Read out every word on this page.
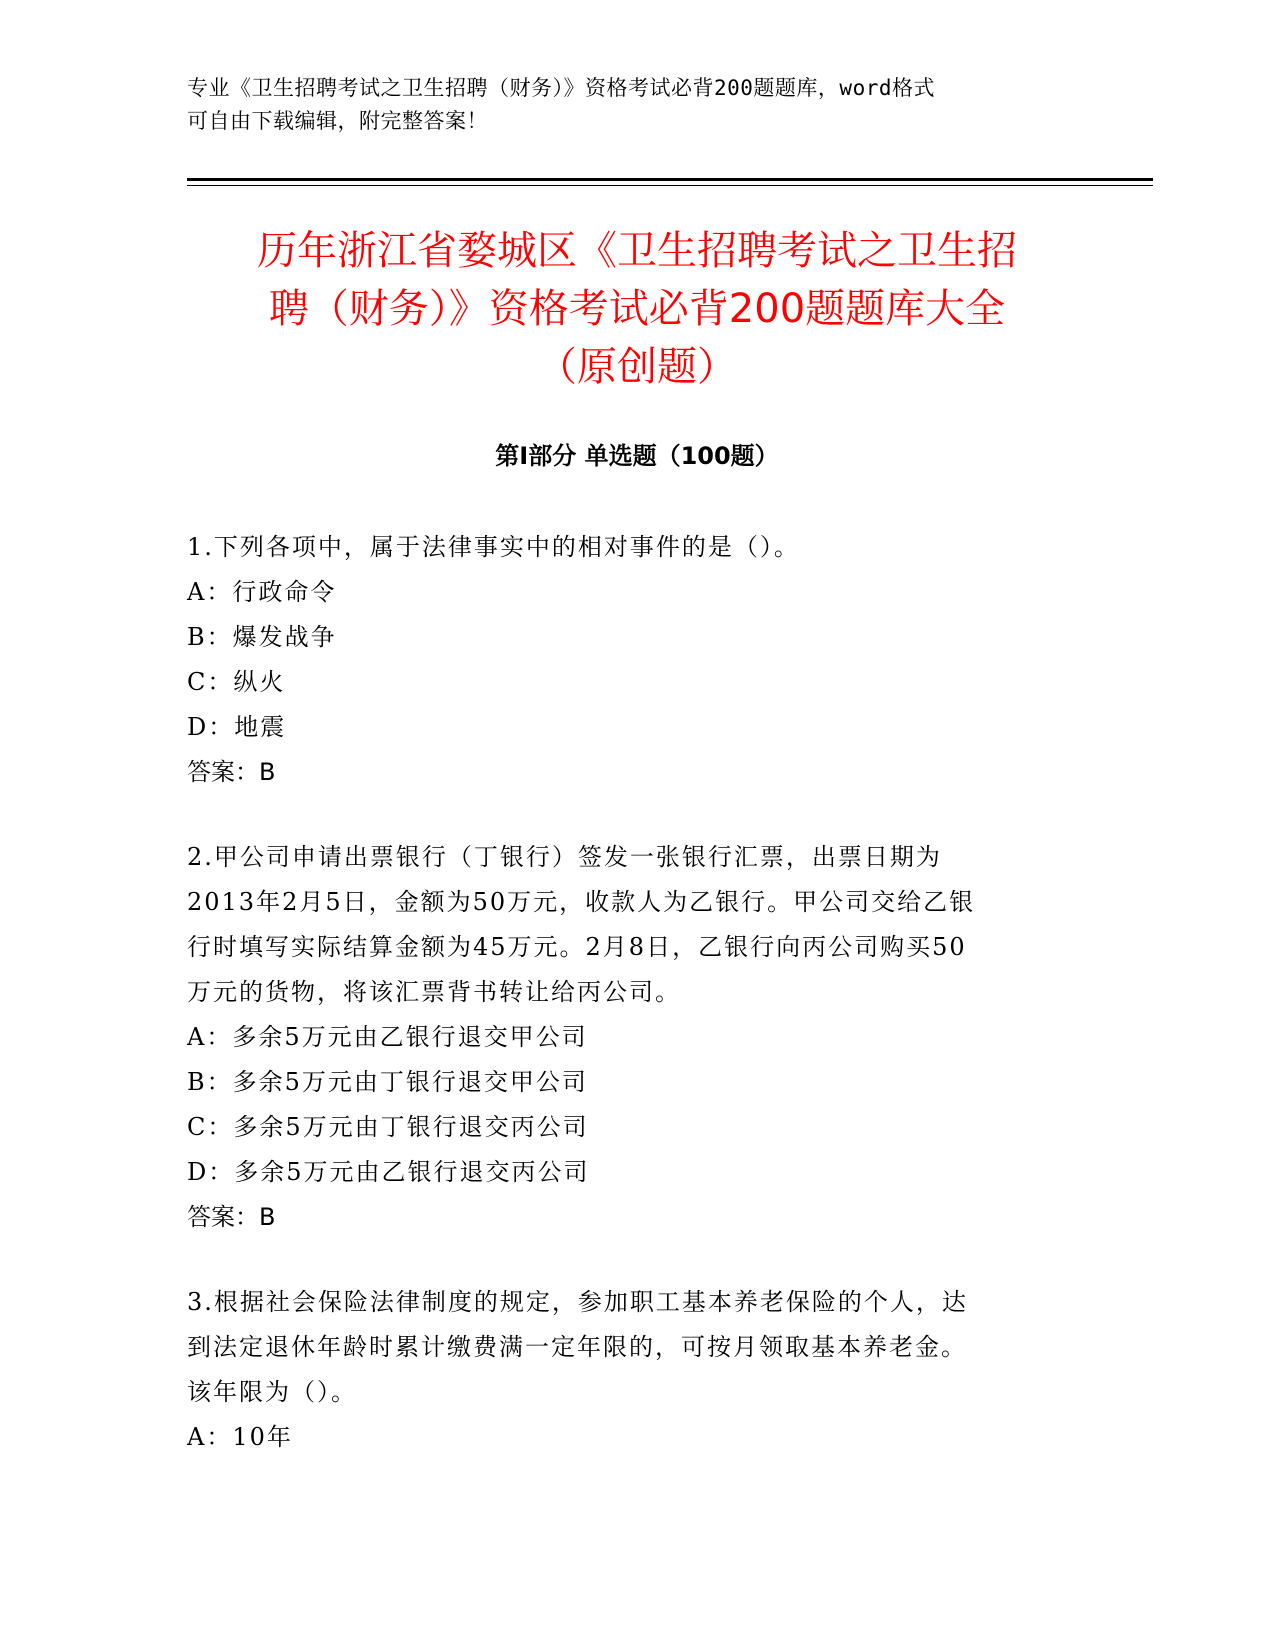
专业《卫生招聘考试之卫生招聘（财务）》资格考试必背200题题库，word格式
可自由下载编辑，附完整答案！
历年浙江省婺城区《卫生招聘考试之卫生招
聘（财务）》资格考试必背200题题库大全
（原创题）
第Ⅰ部分 单选题（100题）

1.下列各项中，属于法律事实中的相对事件的是（）。

A：行政命令

B：爆发战争

C：纵火

D：地震

答案：B

2.甲公司申请出票银行（丁银行）签发一张银行汇票，出票日期为

2013年2月5日，金额为50万元，收款人为乙银行。甲公司交给乙银

行时填写实际结算金额为45万元。2月8日，乙银行向丙公司购买50

万元的货物，将该汇票背书转让给丙公司。

A：多余5万元由乙银行退交甲公司

B：多余5万元由丁银行退交甲公司

C：多余5万元由丁银行退交丙公司

D：多余5万元由乙银行退交丙公司

答案：B

3.根据社会保险法律制度的规定，参加职工基本养老保险的个人，达

到法定退休年龄时累计缴费满一定年限的，可按月领取基本养老金。

该年限为（）。

A：10年
